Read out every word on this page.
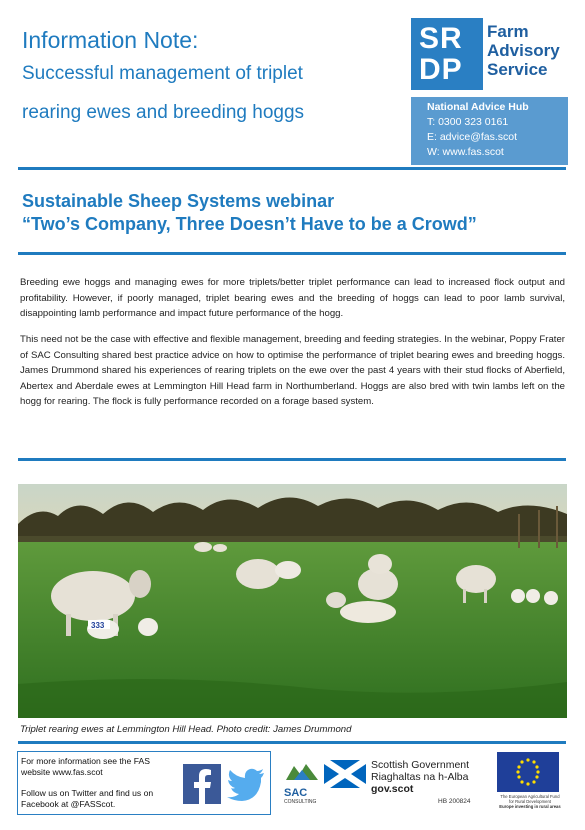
Information Note:
Successful management of triplet
rearing ewes and breeding hoggs
SR
DP
Farm
Advisory
Service
National Advice Hub
T: 0300 323 0161
E: advice@fas.scot
W: www.fas.scot
Sustainable Sheep Systems webinar
“Two’s Company, Three Doesn’t Have to be a Crowd”
Breeding ewe hoggs and managing ewes for more triplets/better triplet performance can lead to increased flock output and profitability. However, if poorly managed, triplet bearing ewes and the breeding of hoggs can lead to poor lamb survival, disappointing lamb performance and impact future performance of the hogg.
This need not be the case with effective and flexible management, breeding and feeding strategies. In the webinar, Poppy Frater of SAC Consulting shared best practice advice on how to optimise the performance of triplet bearing ewes and breeding hoggs. James Drummond shared his experiences of rearing triplets on the ewe over the past 4 years with their stud flocks of Aberfield, Abertex and Aberdale ewes at Lemmington Hill Head farm in Northumberland. Hoggs are also bred with twin lambs left on the hogg for rearing. The flock is fully performance recorded on a forage based system.
333
Triplet rearing ewes at Lemmington Hill Head. Photo credit: James Drummond
For more information see the FAS
website www.fas.scot
Follow us on Twitter and find us on
Facebook at @FASScot.
SAC
CONSULTING
Scottish Government
Riaghaltas na h-Alba
gov.scot
HB 200824
The European Agricultural Fund
for Rural Development
Europe investing in rural areas
